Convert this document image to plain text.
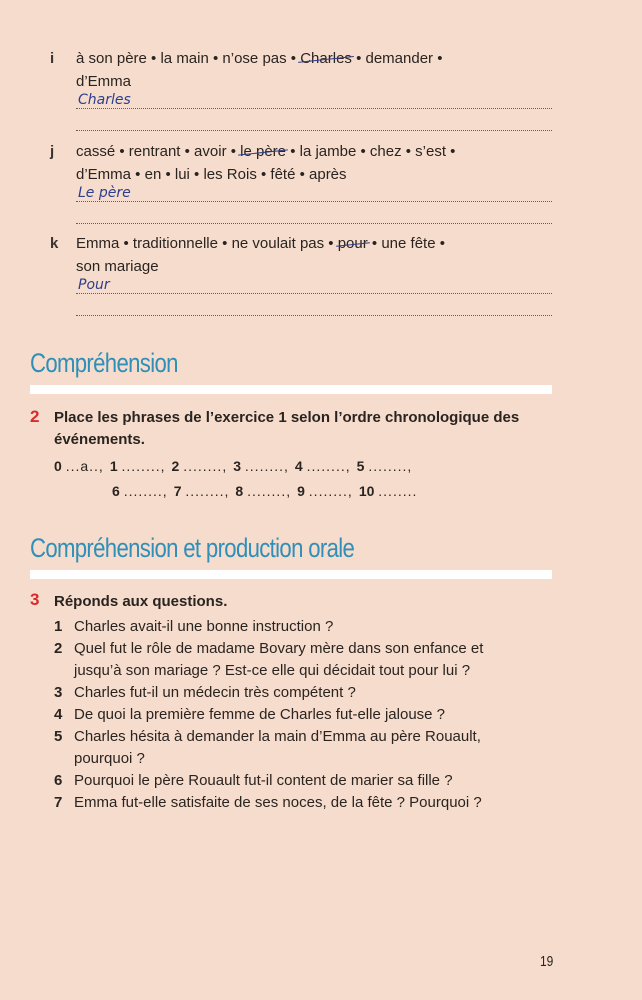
i à son père • la main • n’ose pas • Charles • demander •
d’Emma
Charles
j cassé • rentrant • avoir • le père • la jambe • chez • s’est •
d’Emma • en • lui • les Rois • fêté • après
Le père
k Emma • traditionnelle • ne voulait pas • pour • une fête •
son mariage
Pour
Compréhension
2 Place les phrases de l’exercice 1 selon l’ordre chronologique des
événements.
0 ...a.., 1 ........, 2 ........, 3 ........, 4 ........, 5 ........,
6 ........, 7 ........, 8 ........, 9 ........, 10 ........
Compréhension et production orale
3 Réponds aux questions.
1 Charles avait-il une bonne instruction ?
2 Quel fut le rôle de madame Bovary mère dans son enfance et
jusqu’à son mariage ? Est-ce elle qui décidait tout pour lui ?
3 Charles fut-il un médecin très compétent ?
4 De quoi la première femme de Charles fut-elle jalouse ?
5 Charles hésita à demander la main d’Emma au père Rouault,
pourquoi ?
6 Pourquoi le père Rouault fut-il content de marier sa fille ?
7 Emma fut-elle satisfaite de ses noces, de la fête ? Pourquoi ?
19
